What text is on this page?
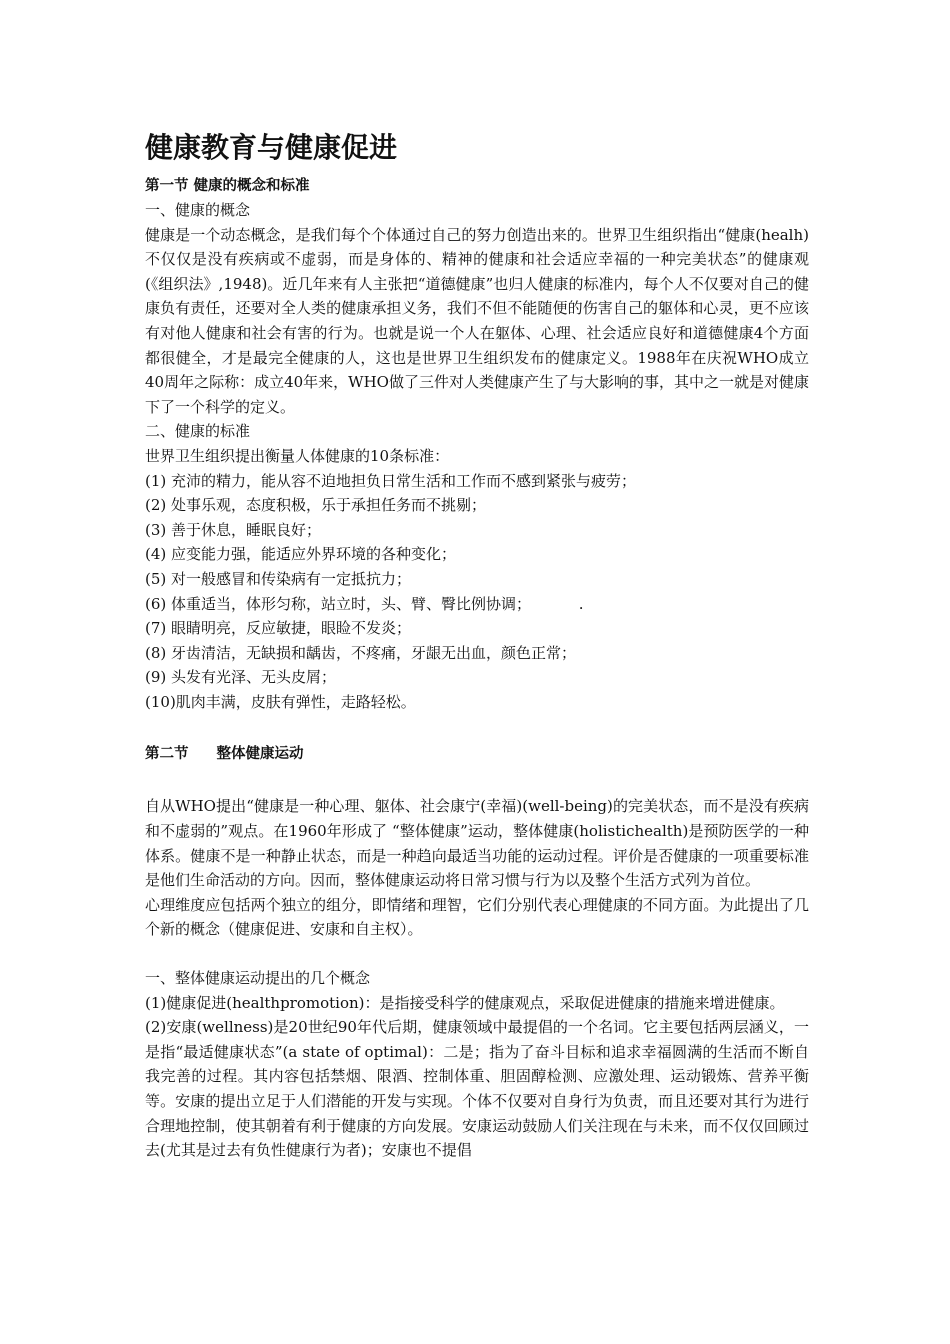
健康教育与健康促进
第一节 健康的概念和标准
一、健康的概念
健康是一个动态概念，是我们每个个体通过自己的努力创造出来的。世界卫生组织指出“健康(healh)不仅仅是没有疾病或不虚弱，而是身体的、精神的健康和社会适应幸福的一种完美状态”的健康观(《组织法》,1948)。近几年来有人主张把“道德健康”也归人健康的标准内，每个人不仅要对自己的健康负有责任，还要对全人类的健康承担义务，我们不但不能随便的伤害自己的躯体和心灵，更不应该有对他人健康和社会有害的行为。也就是说一个人在躯体、心理、社会适应良好和道德健康4个方面都很健全，才是最完全健康的人，这也是世界卫生组织发布的健康定义。1988年在庆祝WHO成立40周年之际称：成立40年来，WHO做了三件对人类健康产生了与大影响的事，其中之一就是对健康下了一个科学的定义。
二、健康的标准
世界卫生组织提出衡量人体健康的10条标准：
(1) 充沛的精力，能从容不迫地担负日常生活和工作而不感到紧张与疲劳；
(2) 处事乐观，态度积极，乐于承担任务而不挑剔；
(3) 善于休息，睡眠良好；
(4) 应变能力强，能适应外界环境的各种变化；
(5) 对一般感冒和传染病有一定抵抗力；
(6) 体重适当，体形匀称，站立时，头、臂、臀比例协调；          .
(7) 眼睛明亮，反应敏捷，眼睑不发炎；
(8) 牙齿清洁，无缺损和龋齿，不疼痛，牙龈无出血，颜色正常；
(9) 头发有光泽、无头皮屑；
(10)肌肉丰满，皮肤有弹性，走路轻松。
第二节 整体健康运动
自从WHO提出“健康是一种心理、躯体、社会康宁(幸福)(well-being)的完美状态，而不是没有疾病和不虚弱的”观点。在1960年形成了 “整体健康”运动，整体健康(holistichealth)是预防医学的一种体系。健康不是一种静止状态，而是一种趋向最适当功能的运动过程。评价是否健康的一项重要标准是他们生命活动的方向。因而，整体健康运动将日常习惯与行为以及整个生活方式列为首位。
心理维度应包括两个独立的组分，即情绪和理智，它们分别代表心理健康的不同方面。为此提出了几个新的概念（健康促进、安康和自主权）。
一、整体健康运动提出的几个概念
(1)健康促进(healthpromotion)：是指接受科学的健康观点，采取促进健康的措施来增进健康。
(2)安康(wellness)是20世纪90年代后期，健康领域中最提倡的一个名词。它主要包括两层涵义，一是指“最适健康状态”(a state of optimal)：二是；指为了奋斗目标和追求幸福圆满的生活而不断自我完善的过程。其内容包括禁烟、限酒、控制体重、胆固醇检测、应激处理、运动锻炼、营养平衡等。安康的提出立足于人们潜能的开发与实现。个体不仅要对自身行为负责，而且还要对其行为进行合理地控制，使其朝着有利于健康的方向发展。安康运动鼓励人们关注现在与未来，而不仅仅回顾过去(尤其是过去有负性健康行为者)；安康也不提倡
